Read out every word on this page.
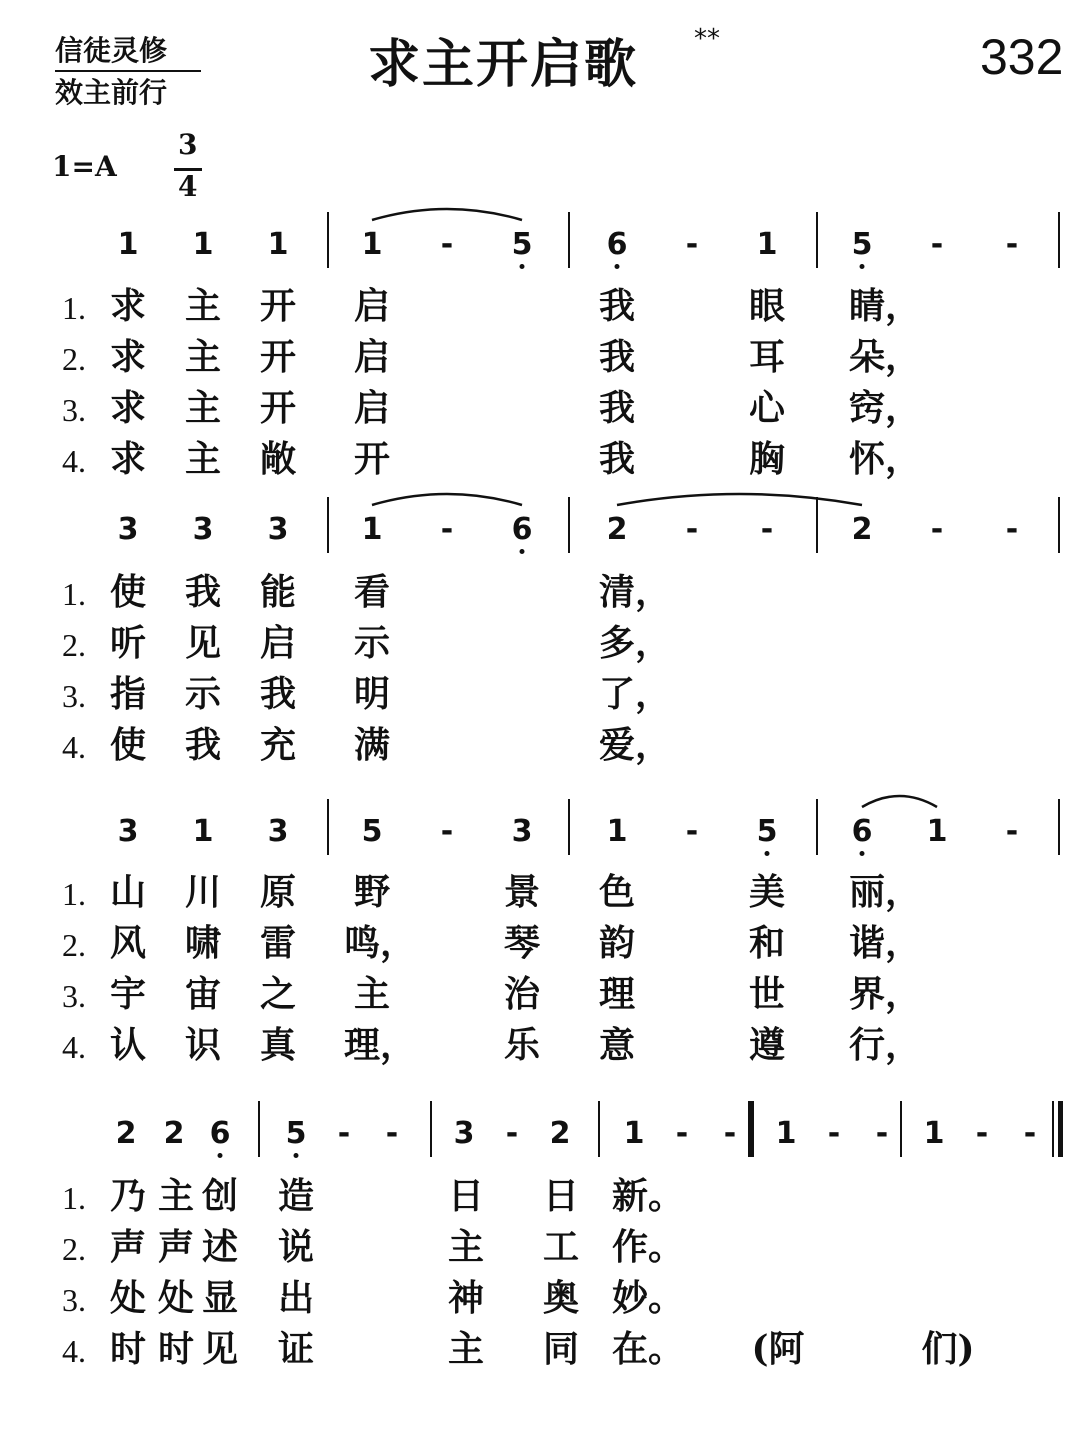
信徒灵修
效主前行	求主开启歌 **	332
1=A
3
4
1 1 1 1 - 5 6 - 1 5 - -
1. 求 主 开 启	我	眼 睛，
2. 求 主 开 启	我	耳 朵，
3. 求 主 开 启	我	心 窍，
4. 求 主 敞 开	我	胸 怀，
3 3 3 1 - 6 2 - -	2 - -
1. 使 我 能 看	清，
2. 听 见 启 示	多，
3. 指 示 我 明	了，
4. 使 我 充 满	爱，
3 1 3 5 - 3 1 - 5 6 1 -
1. 山 川 原 野	景 色	美 丽，
2. 风 啸 雷 鸣， 琴 韵	和 谐，
3. 宇 宙 之 主	治 理	世 界，
4. 认 识 真 理， 乐 意	遵 行，
2 2 6 5 - - 3 - 2 1 - - 1 - - 1 - -
1. 乃 主 创 造	日 日 新。
2. 声 声 述 说	主 工 作。
3. 处 处 显 出	神 奥 妙。
4. 时 时 见 证	主 同 在。 (阿	们)
